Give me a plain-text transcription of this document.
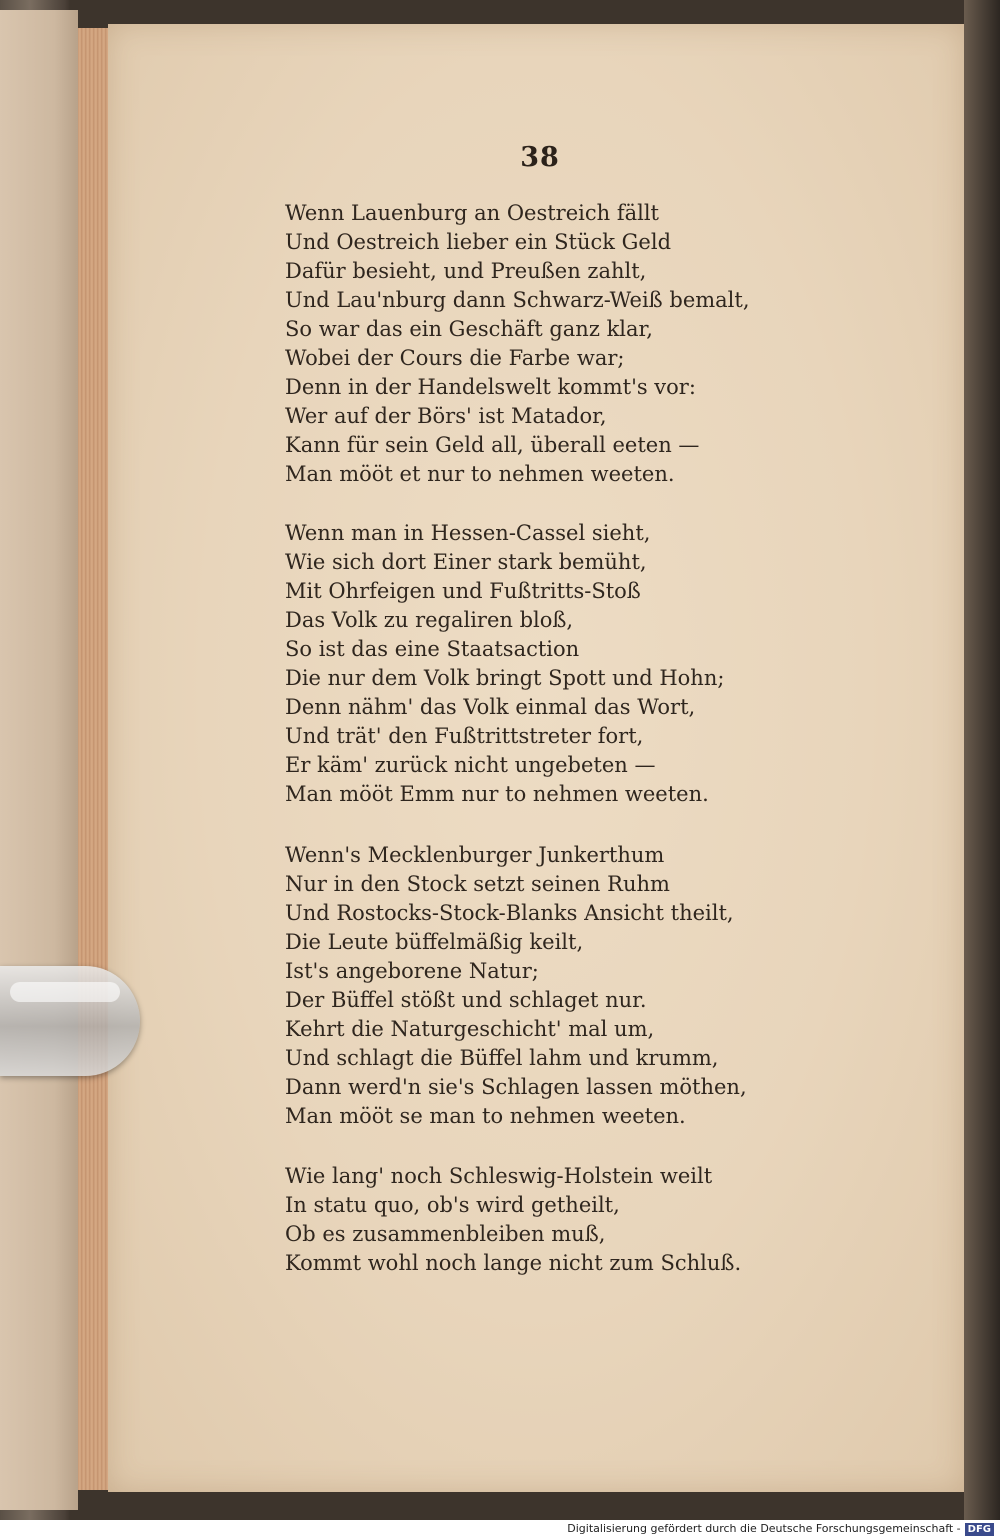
38
Wenn Lauenburg an Oestreich fällt
Und Oestreich lieber ein Stück Geld
Dafür besieht, und Preußen zahlt,
Und Lau'nburg dann Schwarz-Weiß bemalt,
So war das ein Geschäft ganz klar,
Wobei der Cours die Farbe war;
Denn in der Handelswelt kommt's vor:
Wer auf der Börs' ist Matador,
Kann für sein Geld all, überall eeten —
Man mööt et nur to nehmen weeten.
Wenn man in Hessen-Cassel sieht,
Wie sich dort Einer stark bemüht,
Mit Ohrfeigen und Fußtritts-Stoß
Das Volk zu regaliren bloß,
So ist das eine Staatsaction
Die nur dem Volk bringt Spott und Hohn;
Denn nähm' das Volk einmal das Wort,
Und trät' den Fußtrittstreter fort,
Er käm' zurück nicht ungebeten —
Man mööt Emm nur to nehmen weeten.
Wenn's Mecklenburger Junkerthum
Nur in den Stock setzt seinen Ruhm
Und Rostocks-Stock-Blanks Ansicht theilt,
Die Leute büffelmäßig keilt,
Ist's angeborene Natur;
Der Büffel stößt und schlaget nur.
Kehrt die Naturgeschicht' mal um,
Und schlagt die Büffel lahm und krumm,
Dann werd'n sie's Schlagen lassen möthen,
Man mööt se man to nehmen weeten.
Wie lang' noch Schleswig-Holstein weilt
In statu quo, ob's wird getheilt,
Ob es zusammenbleiben muß,
Kommt wohl noch lange nicht zum Schluß.
Digitalisierung gefördert durch die Deutsche Forschungsgemeinschaft - DFG
